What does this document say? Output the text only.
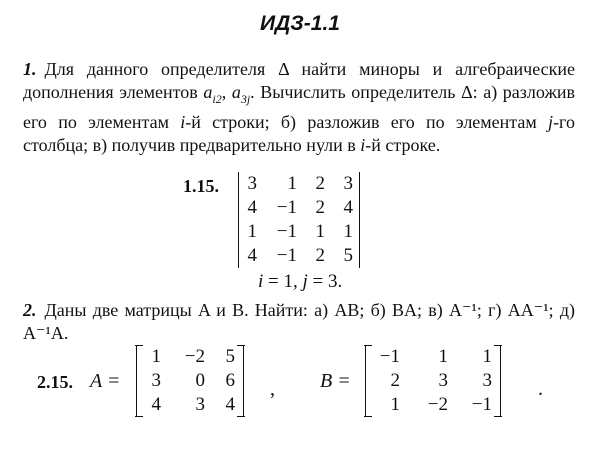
ИДЗ-1.1
1. Для данного определителя Δ найти миноры и алгебраические дополнения элементов $a_{i2}$, $a_{3j}$. Вычислить определитель Δ: а) разложив его по элементам i-й строки; б) разложив его по элементам j-го столбца; в) получив предварительно нули в i-й строке.
1.15. 3	1 2 3
4	−1 2 4
1	−1 1 1
4	−1 2 5
i = 1, j = 3.
2. Даны две матрицы A и B. Найти: а) AB; б) BA; в) A⁻¹; г) AA⁻¹; д) A⁻¹A.
2.15. A =
1	−2	5
3	0	6
4	3	4
, B =
−1	1	1
2	3	3
1	−2	−1
.
